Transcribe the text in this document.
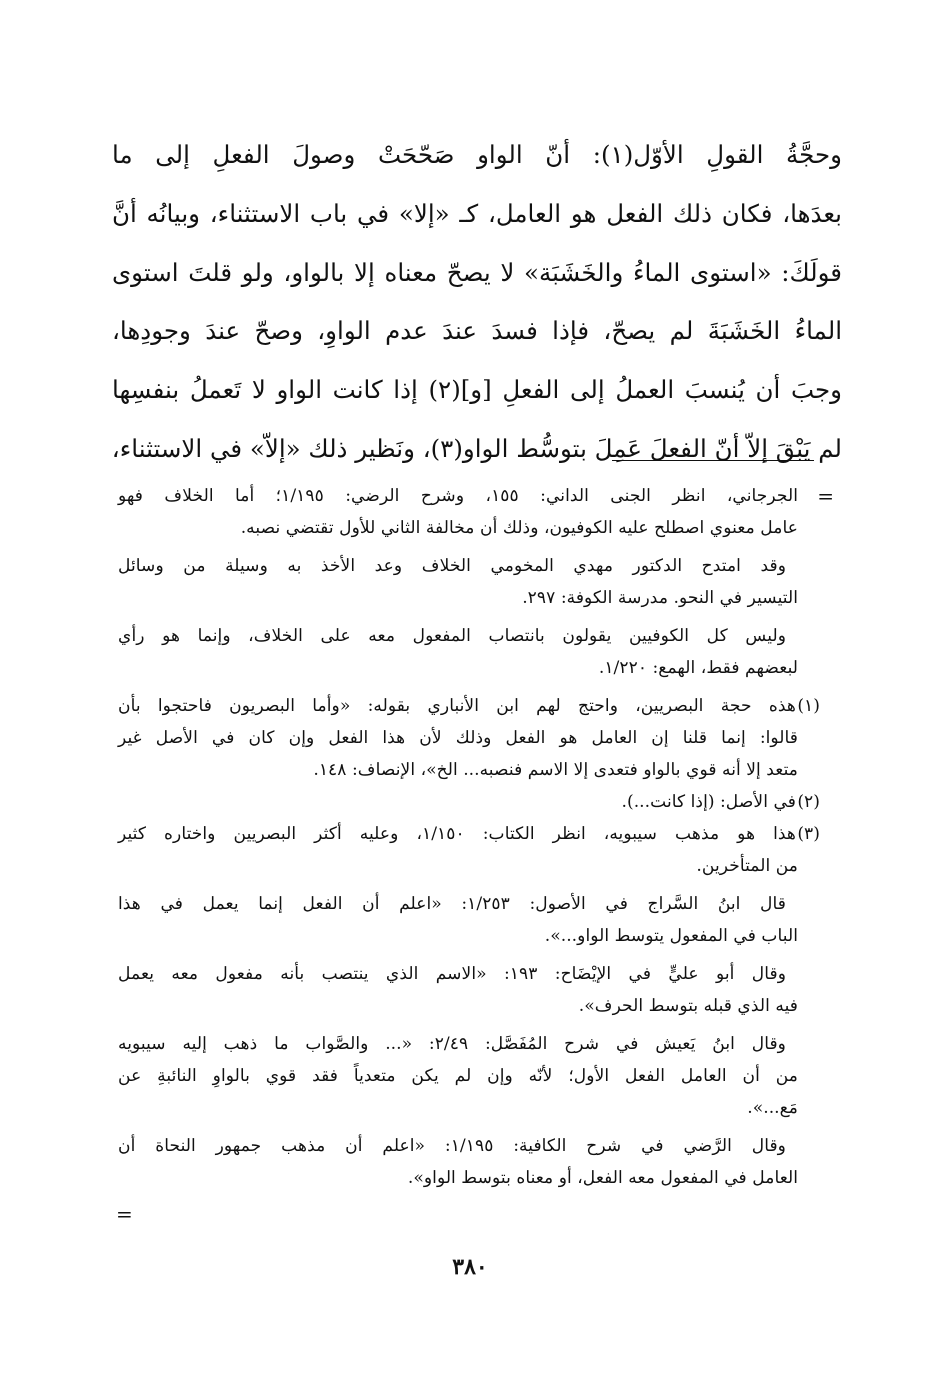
وحجَّةُ القولِ الأوّل(١): أنّ الواو صَحّحَتْ وصولَ الفعلِ إلى ما
بعدَها، فكان ذلك الفعل هو العامل، كـ «إلا» في باب الاستثناء، وبيانُه أنَّ
قولَكَ: «استوى الماءُ والخَشَبَة» لا يصحّ معناه إلا بالواو، ولو قلتَ استوى
الماءُ الخَشَبَةَ لم يصحّ، فإذا فسدَ عندَ عدم الواوِ، وصحّ عندَ وجودِها،
وجبَ أن يُنسبَ العملُ إلى الفعلِ [و](٢) إذا كانت الواو لا تَعملُ بنفسِها
لم يَبْقَ إلاّ أنّ الفعلَ عَمِلَ بتوسُّط الواو(٣)، ونَظير ذلك «إلاّ» في الاستثناء،
=
الجرجاني، انظر الجنى الداني: ١٥٥، وشرح الرضي: ١/١٩٥؛ أما الخلاف فهو
عامل معنوي اصطلح عليه الكوفيون، وذلك أن مخالفة الثاني للأول تقتضي نصبه.
وقد امتدح الدكتور مهدي المخومي الخلاف وعد الأخذ به وسيلة من وسائل
التيسير في النحو. مدرسة الكوفة: ٢٩٧.
وليس كل الكوفيين يقولون بانتصاب المفعول معه على الخلاف، وإنما هو رأي
لبعضهم فقط، الهمع: ١/٢٢٠.
(١)هذه حجة البصريين، واحتج لهم ابن الأنباري بقوله: «وأما البصريون فاحتجوا بأن
قالوا: إنما قلنا إن العامل هو الفعل وذلك لأن هذا الفعل وإن كان في الأصل غير
متعد إلا أنه قوي بالواو فتعدى إلا الاسم فنصبه... الخ»، الإنصاف: ١٤٨.
(٢)في الأصل: (إذا كانت...).
(٣)هذا هو مذهب سيبويه، انظر الكتاب: ١/١٥٠، وعليه أكثر البصريين واختاره كثير
من المتأخرين.
قال ابنُ السَّراج في الأصول: ١/٢٥٣: «اعلم أن الفعل إنما يعمل في هذا
الباب في المفعول يتوسط الواو...».
وقال أبو عليٍّ في الإيْضَاح: ١٩٣: «الاسم الذي ينتصب بأنه مفعول معه يعمل
فيه الذي قبله بتوسط الحرف».
وقال ابنُ يَعيش في شرح المُفَصَّل: ٢/٤٩: «... والصَّواب ما ذهب إليه سيبويه
من أن العامل الفعل الأول؛ لأنّه وإن لم يكن متعدياً فقد قوي بالواوِ النائبةِ عن
مَع...».
وقال الرَّضي في شرح الكافية: ١/١٩٥: «اعلم أن مذهب جمهور النحاة أن
العامل في المفعول معه الفعل، أو معناه بتوسط الواو».
=
٣٨٠
